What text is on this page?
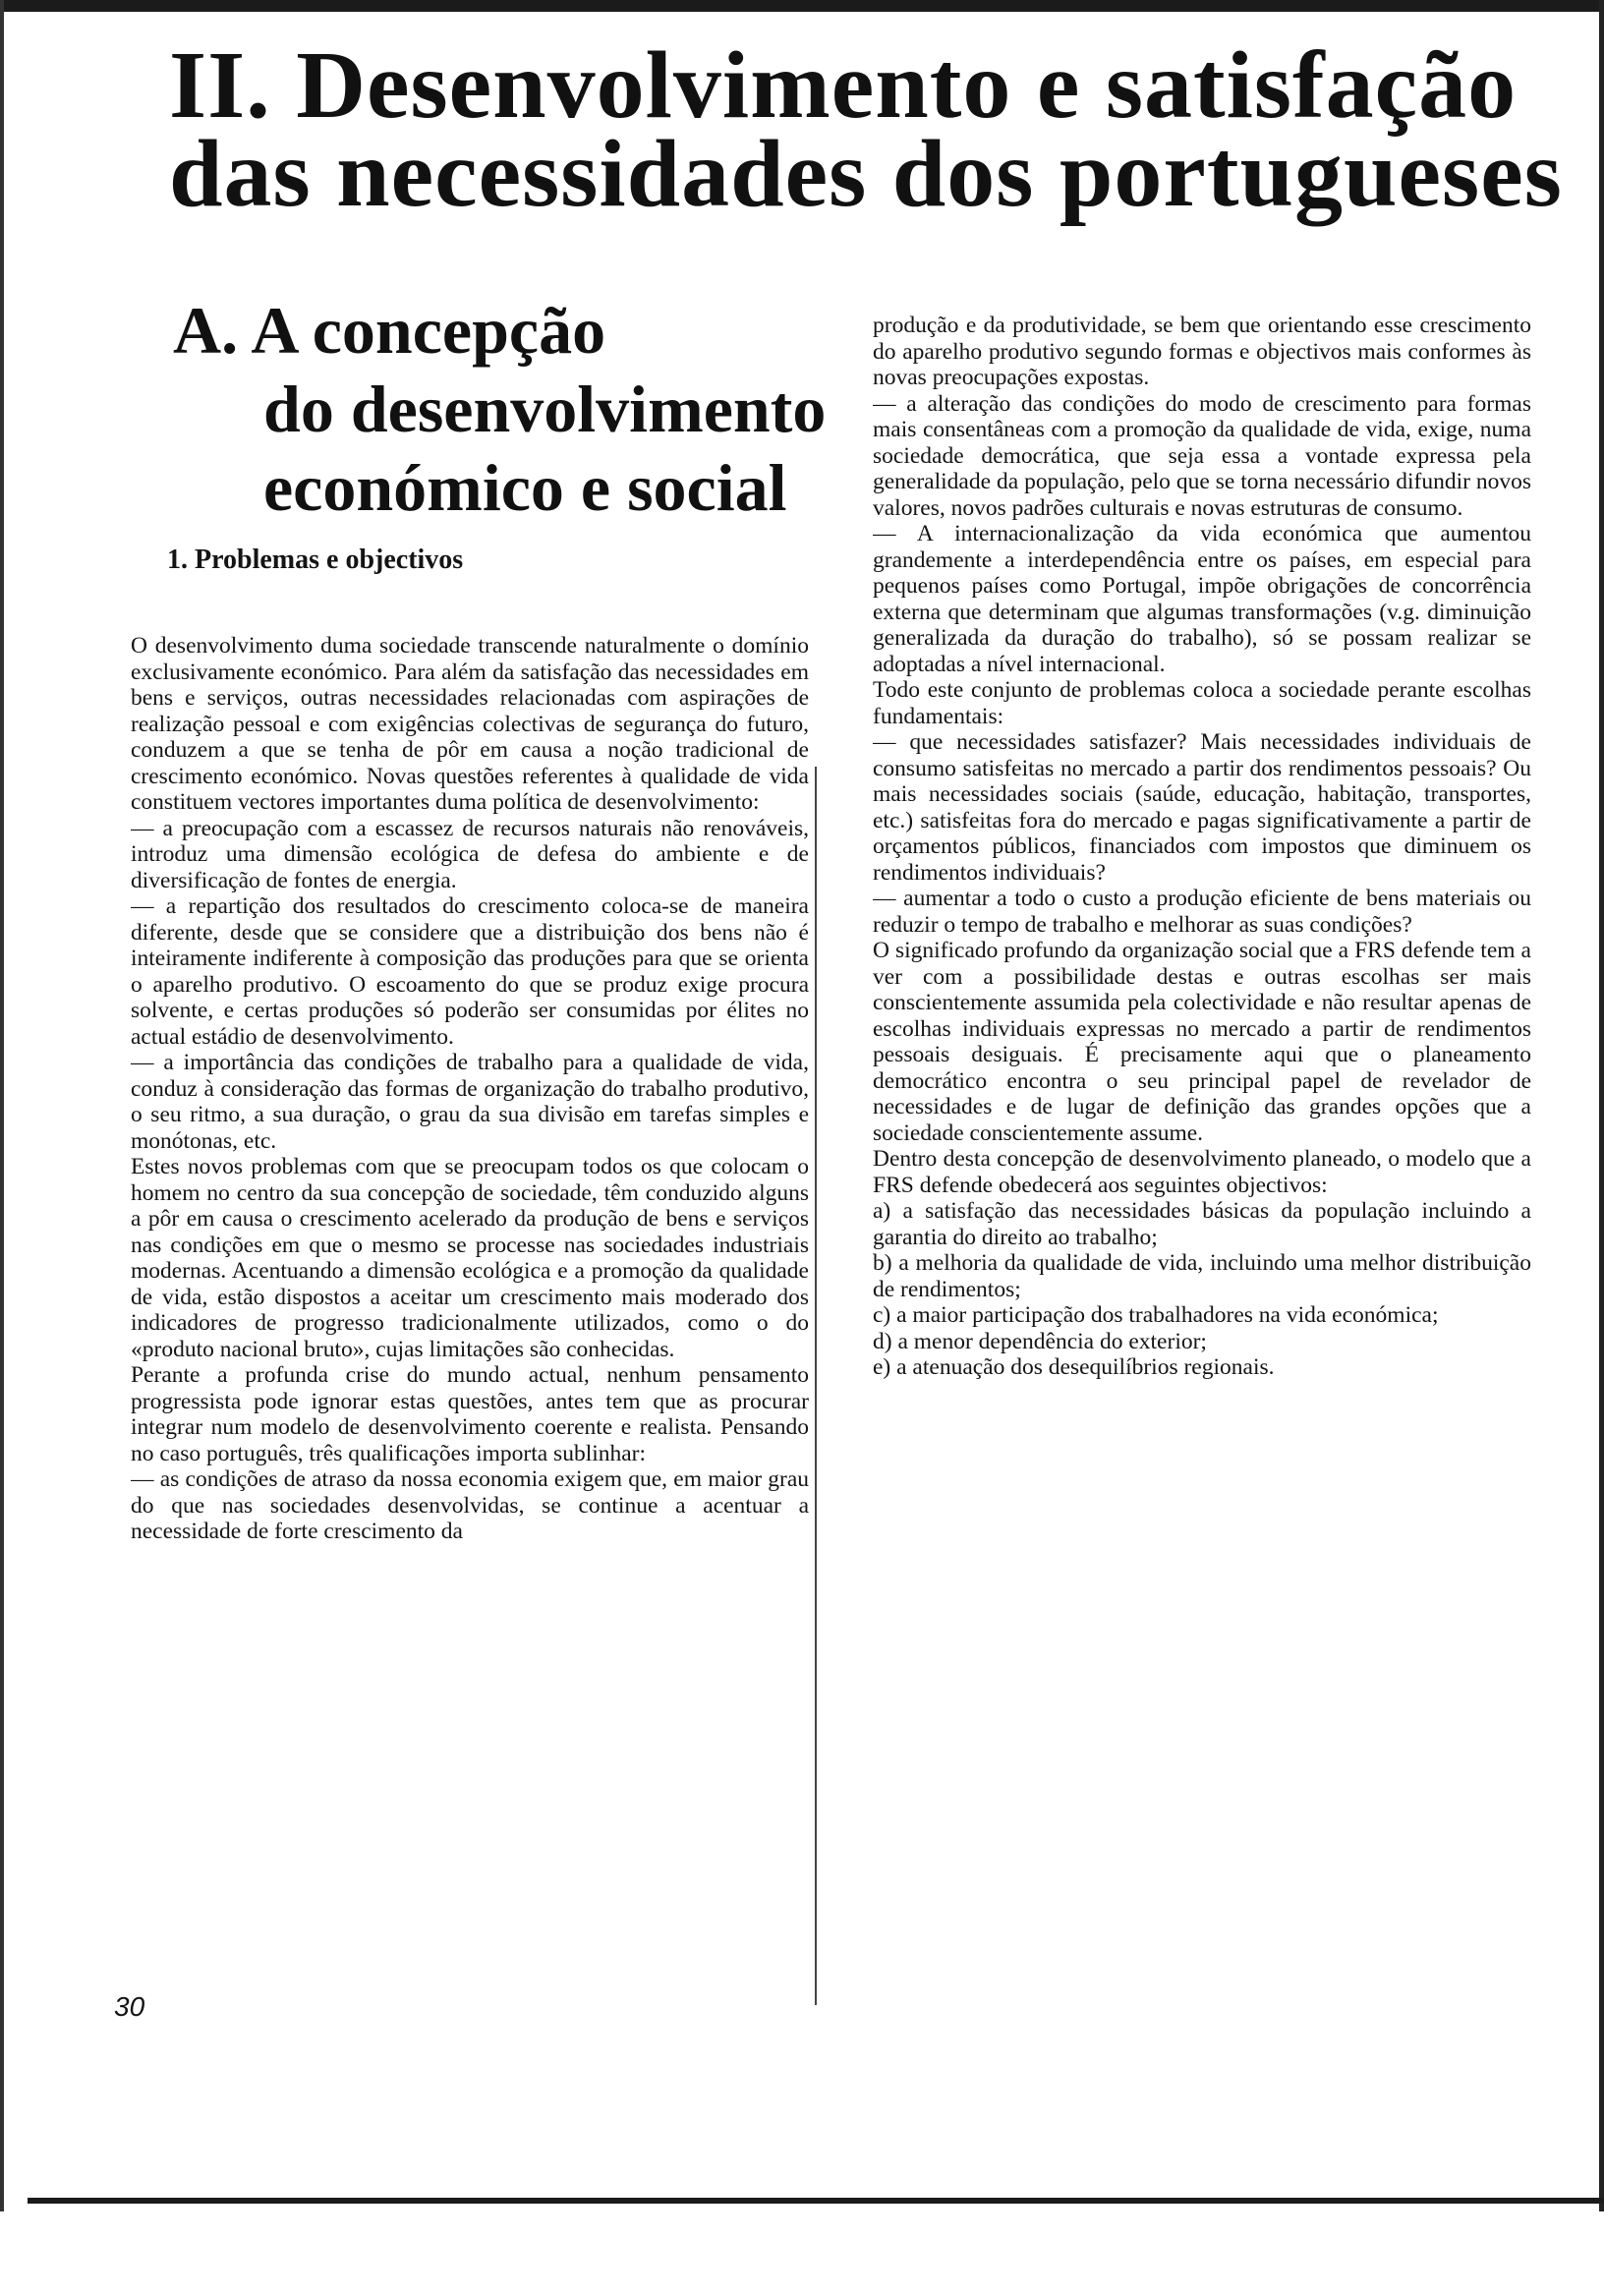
II. Desenvolvimento e satisfação
das necessidades dos portugueses
A. A concepção
do desenvolvimento
económico e social
1. Problemas e objectivos

O desenvolvimento duma sociedade transcende naturalmente o domínio exclusivamente económico. Para além da satisfação das necessidades em bens e serviços, outras necessidades relacionadas com aspirações de realização pessoal e com exigências colectivas de segurança do futuro, conduzem a que se tenha de pôr em causa a noção tradicional de crescimento económico. Novas questões referentes à qualidade de vida constituem vectores importantes duma política de desenvolvimento:

— a preocupação com a escassez de recursos naturais não renováveis, introduz uma dimensão ecológica de defesa do ambiente e de diversificação de fontes de energia.

— a repartição dos resultados do crescimento coloca-se de maneira diferente, desde que se considere que a distribuição dos bens não é inteiramente indiferente à composição das produções para que se orienta o aparelho produtivo. O escoamento do que se produz exige procura solvente, e certas produções só poderão ser consumidas por élites no actual estádio de desenvolvimento.

— a importância das condições de trabalho para a qualidade de vida, conduz à consideração das formas de organização do trabalho produtivo, o seu ritmo, a sua duração, o grau da sua divisão em tarefas simples e monótonas, etc.

Estes novos problemas com que se preocupam todos os que colocam o homem no centro da sua concepção de sociedade, têm conduzido alguns a pôr em causa o crescimento acelerado da produção de bens e serviços nas condições em que o mesmo se processe nas sociedades industriais modernas. Acentuando a dimensão ecológica e a promoção da qualidade de vida, estão dispostos a aceitar um crescimento mais moderado dos indicadores de progresso tradicionalmente utilizados, como o do «produto nacional bruto», cujas limitações são conhecidas.

Perante a profunda crise do mundo actual, nenhum pensamento progressista pode ignorar estas questões, antes tem que as procurar integrar num modelo de desenvolvimento coerente e realista. Pensando no caso português, três qualificações importa sublinhar:

— as condições de atraso da nossa economia exigem que, em maior grau do que nas sociedades desenvolvidas, se continue a acentuar a necessidade de forte crescimento da

produção e da produtividade, se bem que orientando esse crescimento do aparelho produtivo segundo formas e objectivos mais conformes às novas preocupações expostas.

— a alteração das condições do modo de crescimento para formas mais consentâneas com a promoção da qualidade de vida, exige, numa sociedade democrática, que seja essa a vontade expressa pela generalidade da população, pelo que se torna necessário difundir novos valores, novos padrões culturais e novas estruturas de consumo.

— A internacionalização da vida económica que aumentou grandemente a interdependência entre os países, em especial para pequenos países como Portugal, impõe obrigações de concorrência externa que determinam que algumas transformações (v.g. diminuição generalizada da duração do trabalho), só se possam realizar se adoptadas a nível internacional.

Todo este conjunto de problemas coloca a sociedade perante escolhas fundamentais:

— que necessidades satisfazer? Mais necessidades individuais de consumo satisfeitas no mercado a partir dos rendimentos pessoais? Ou mais necessidades sociais (saúde, educação, habitação, transportes, etc.) satisfeitas fora do mercado e pagas significativamente a partir de orçamentos públicos, financiados com impostos que diminuem os rendimentos individuais?

— aumentar a todo o custo a produção eficiente de bens materiais ou reduzir o tempo de trabalho e melhorar as suas condições?

O significado profundo da organização social que a FRS defende tem a ver com a possibilidade destas e outras escolhas ser mais conscientemente assumida pela colectividade e não resultar apenas de escolhas individuais expressas no mercado a partir de rendimentos pessoais desiguais. É precisamente aqui que o planeamento democrático encontra o seu principal papel de revelador de necessidades e de lugar de definição das grandes opções que a sociedade conscientemente assume.

Dentro desta concepção de desenvolvimento planeado, o modelo que a FRS defende obedecerá aos seguintes objectivos:

a) a satisfação das necessidades básicas da população incluindo a garantia do direito ao trabalho;

b) a melhoria da qualidade de vida, incluindo uma melhor distribuição de rendimentos;

c) a maior participação dos trabalhadores na vida económica;

d) a menor dependência do exterior;

e) a atenuação dos desequilíbrios regionais.

30
